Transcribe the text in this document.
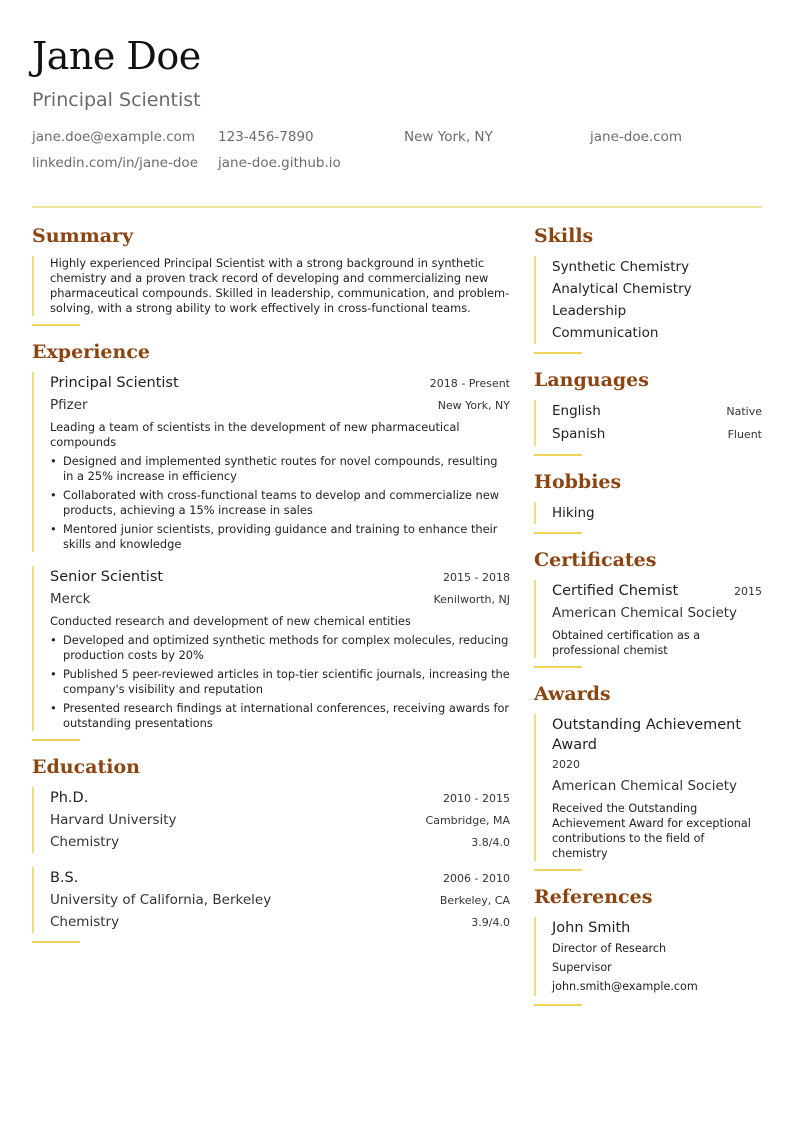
Jane Doe
Principal Scientist
jane.doe@example.com	123-456-7890	New York, NY	jane-doe.com
linkedin.com/in/jane-doe	jane-doe.github.io
Summary

Highly experienced Principal Scientist with a strong background in synthetic chemistry and a proven track record of developing and commercializing new pharmaceutical compounds. Skilled in leadership, communication, and problem-solving, with a strong ability to work effectively in cross-functional teams.

Experience
Principal Scientist	2018 - Present
Pfizer	New York, NY

Leading a team of scientists in the development of new pharmaceutical compounds

• Designed and implemented synthetic routes for novel compounds, resulting in a 25% increase in efficiency
• Collaborated with cross-functional teams to develop and commercialize new products, achieving a 15% increase in sales
• Mentored junior scientists, providing guidance and training to enhance their skills and knowledge
Senior Scientist	2015 - 2018
Merck	Kenilworth, NJ

Conducted research and development of new chemical entities

• Developed and optimized synthetic methods for complex molecules, reducing production costs by 20%
• Published 5 peer-reviewed articles in top-tier scientific journals, increasing the company's visibility and reputation
• Presented research findings at international conferences, receiving awards for outstanding presentations
Education
Ph.D.	2010 - 2015
Harvard University	Cambridge, MA
Chemistry	3.8/4.0
B.S.	2006 - 2010
University of California, Berkeley	Berkeley, CA
Chemistry	3.9/4.0
Skills
Synthetic Chemistry
Analytical Chemistry
Leadership
Communication
Languages
English	Native
Spanish	Fluent
Hobbies
Hiking
Certificates
Certified Chemist	2015
American Chemical Society

Obtained certification as a professional chemist

Awards
Outstanding Achievement Award
2020
American Chemical Society

Received the Outstanding Achievement Award for exceptional contributions to the field of chemistry

References
John Smith
Director of Research
Supervisor
john.smith@example.com
